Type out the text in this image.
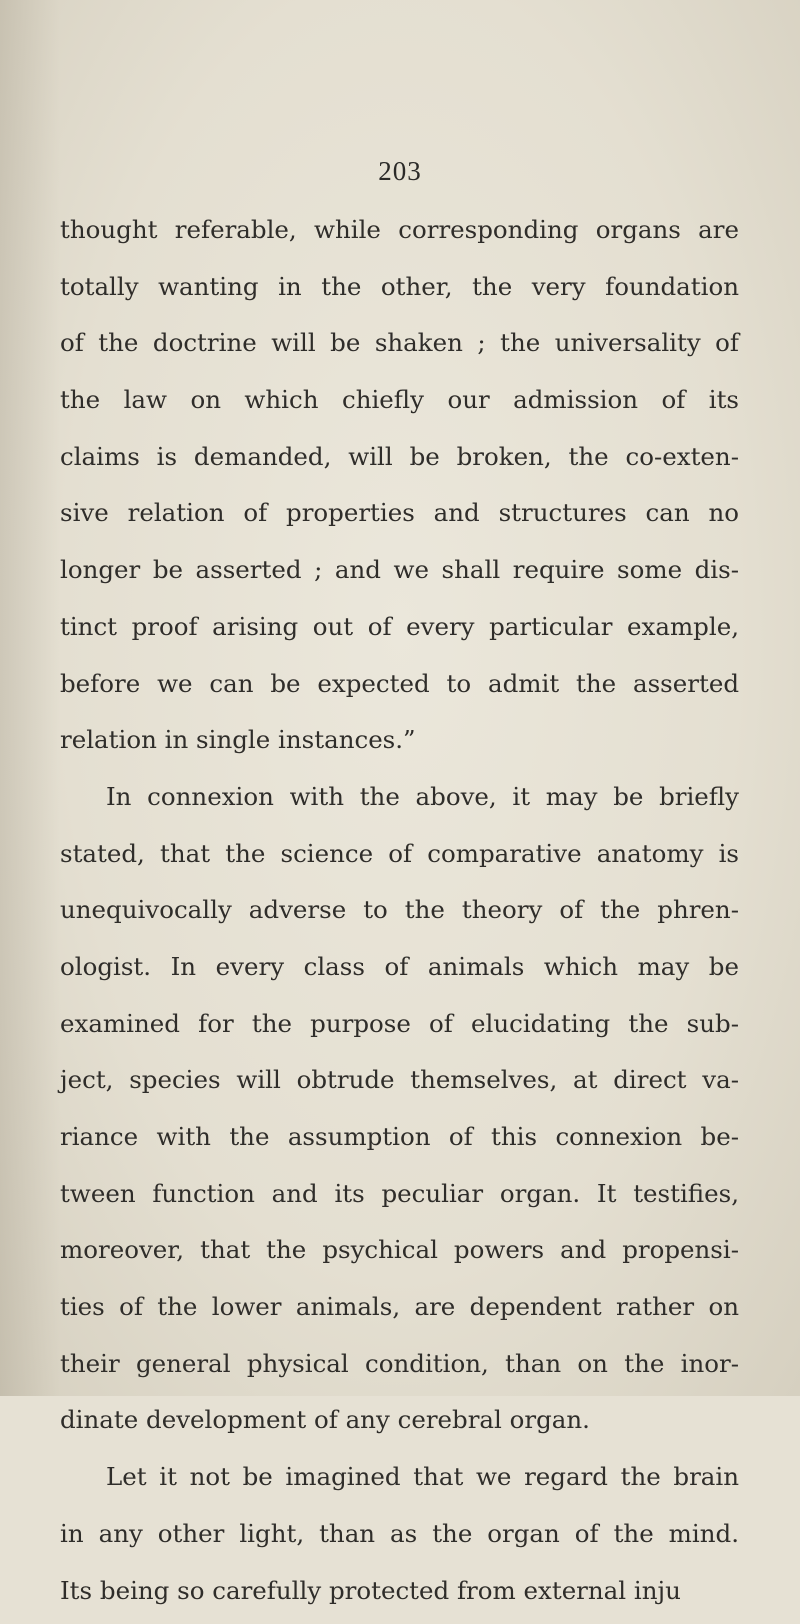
203
thought referable, while corresponding organs are
totally wanting in the other, the very foundation
of the doctrine will be shaken ; the universality of
the law on which chiefly our admission of its
claims is demanded, will be broken, the co-exten-
sive relation of properties and structures can no
longer be asserted ; and we shall require some dis-
tinct proof arising out of every particular example,
before we can be expected to admit the asserted
relation in single instances.”
In connexion with the above, it may be briefly
stated, that the science of comparative anatomy is
unequivocally adverse to the theory of the phren-
ologist. In every class of animals which may be
examined for the purpose of elucidating the sub-
ject, species will obtrude themselves, at direct va-
riance with the assumption of this connexion be-
tween function and its peculiar organ. It testifies,
moreover, that the psychical powers and propensi-
ties of the lower animals, are dependent rather on
their general physical condition, than on the inor-
dinate development of any cerebral organ.
Let it not be imagined that we regard the brain
in any other light, than as the organ of the mind.
Its being so carefully protected from external inju
